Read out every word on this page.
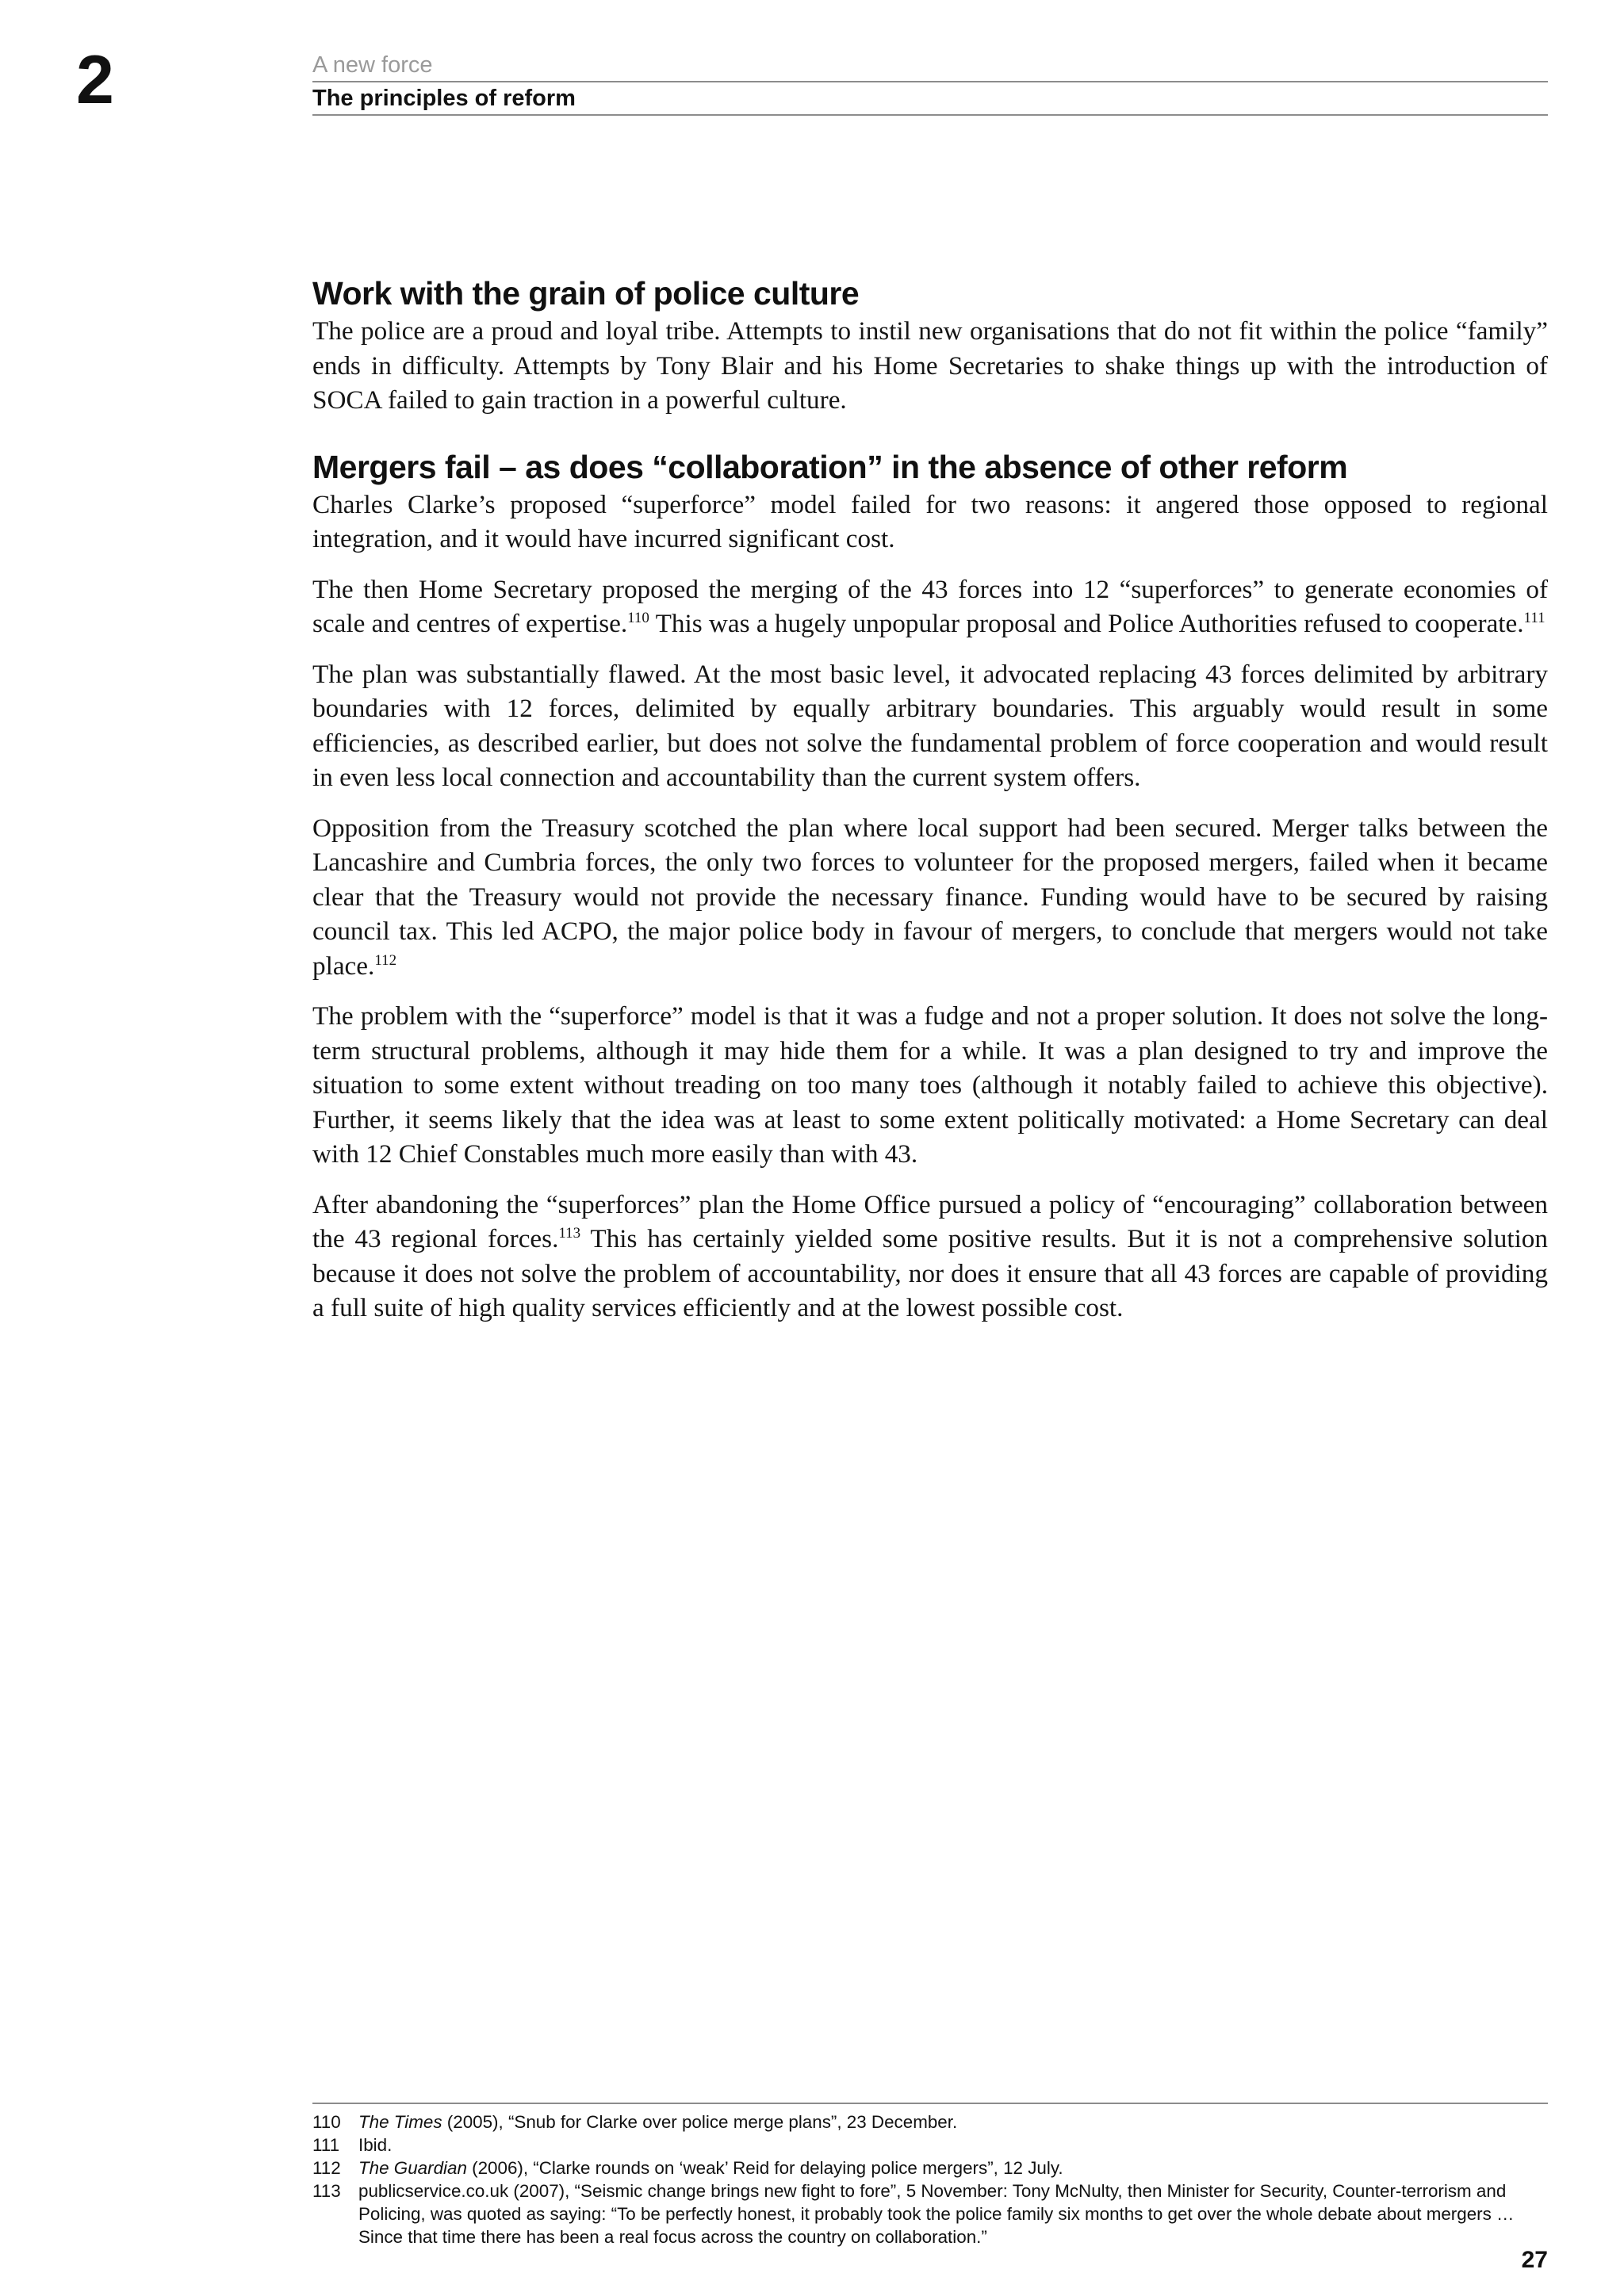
2	A new force
The principles of reform
Work with the grain of police culture

The police are a proud and loyal tribe. Attempts to instil new organisations that do not fit within the police “family” ends in difficulty. Attempts by Tony Blair and his Home Secretaries to shake things up with the introduction of SOCA failed to gain traction in a powerful culture.

Mergers fail – as does “collaboration” in the absence of other reform

Charles Clarke’s proposed “superforce” model failed for two reasons: it angered those opposed to regional integration, and it would have incurred significant cost.

The then Home Secretary proposed the merging of the 43 forces into 12 “superforces” to generate economies of scale and centres of expertise.$^{110}$ This was a hugely unpopular proposal and Police Authorities refused to cooperate.$^{111}$

The plan was substantially flawed. At the most basic level, it advocated replacing 43 forces delimited by arbitrary boundaries with 12 forces, delimited by equally arbitrary boundaries. This arguably would result in some efficiencies, as described earlier, but does not solve the fundamental problem of force cooperation and would result in even less local connection and accountability than the current system offers.

Opposition from the Treasury scotched the plan where local support had been secured. Merger talks between the Lancashire and Cumbria forces, the only two forces to volunteer for the proposed mergers, failed when it became clear that the Treasury would not provide the necessary finance. Funding would have to be secured by raising council tax. This led ACPO, the major police body in favour of mergers, to conclude that mergers would not take place.$^{112}$

The problem with the “superforce” model is that it was a fudge and not a proper solution. It does not solve the long-term structural problems, although it may hide them for a while. It was a plan designed to try and improve the situation to some extent without treading on too many toes (although it notably failed to achieve this objective). Further, it seems likely that the idea was at least to some extent politically motivated: a Home Secretary can deal with 12 Chief Constables much more easily than with 43.

After abandoning the “superforces” plan the Home Office pursued a policy of “encouraging” collaboration between the 43 regional forces.$^{113}$ This has certainly yielded some positive results. But it is not a comprehensive solution because it does not solve the problem of accountability, nor does it ensure that all 43 forces are capable of providing a full suite of high quality services efficiently and at the lowest possible cost.

110 The Times (2005), “Snub for Clarke over police merge plans”, 23 December.
111	Ibid.
112 The Guardian (2006), “Clarke rounds on ‘weak’ Reid for delaying police mergers”, 12 July.
113 publicservice.co.uk (2007), “Seismic change brings new fight to fore”, 5 November: Tony McNulty, then Minister for Security, Counter-terrorism and Policing, was quoted as saying: “To be perfectly honest, it probably took the police family six months to get over the whole debate about mergers … Since that time there has been a real focus across the country on collaboration.”
27
